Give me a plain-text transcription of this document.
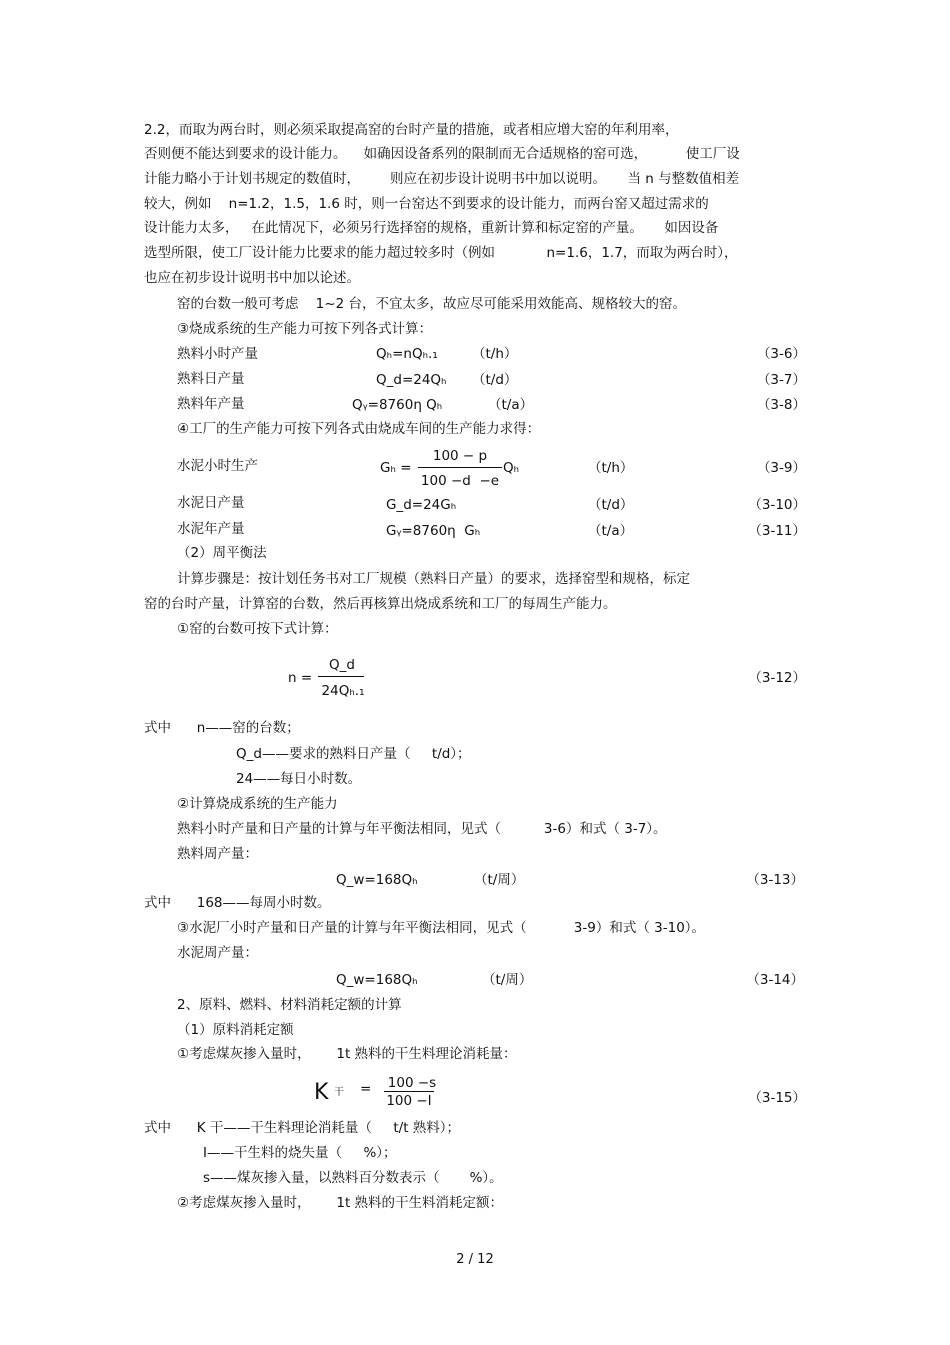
2.2，而取为两台时，则必须采取提高窑的台时产量的措施，或者相应增大窑的年利用率，
否则便不能达到要求的设计能力。    如确因设备系列的限制而无合适规格的窑可选，         使工厂设
计能力略小于计划书规定的数值时，       则应在初步设计说明书中加以说明。     当 n 与整数值相差
较大，例如    n=1.2，1.5，1.6 时，则一台窑达不到要求的设计能力，而两台窑又超过需求的
设计能力太多，   在此情况下，必须另行选择窑的规格，重新计算和标定窑的产量。     如因设备
选型所限，使工厂设计能力比要求的能力超过较多时（例如            n=1.6，1.7，而取为两台时），
也应在初步设计说明书中加以论述。
窑的台数一般可考虑    1~2 台，不宜太多，故应尽可能采用效能高、规格较大的窑。
③烧成系统的生产能力可按下列各式计算：
熟料小时产量	Qₕ=nQₕ.₁	（t/h）	（3-6）
熟料日产量	Q_d=24Qₕ （t/d）	（3-7）
熟料年产量	Qᵧ=8760η Qₕ	（t/a）	（3-8）
④工厂的生产能力可按下列各式由烧成车间的生产能力求得：
水泥小时生产	Gₕ =
100 − p
100 −d  −e
Qₕ	（t/h）	（3-9）
水泥日产量	G_d=24Gₕ	（t/d）	（3-10）
水泥年产量	Gᵧ=8760η  Gₕ	（t/a）	（3-11）
（2）周平衡法
计算步骤是：按计划任务书对工厂规模（熟料日产量）的要求，选择窑型和规格，标定
窑的台时产量，计算窑的台数，然后再核算出烧成系统和工厂的每周生产能力。
①窑的台数可按下式计算：
n =
Q_d
24Qₕ.₁
（3-12）
式中      n——窑的台数；
Q_d——要求的熟料日产量（     t/d）；
24——每日小时数。
②计算烧成系统的生产能力
熟料小时产量和日产量的计算与年平衡法相同，见式（          3-6）和式（ 3-7）。
熟料周产量：
Q_w=168Qₕ	（t/周）	（3-13）
式中      168——每周小时数。
③水泥厂小时产量和日产量的计算与年平衡法相同，见式（           3-9）和式（ 3-10）。
水泥周产量：
Q_w=168Qₕ	（t/周）	（3-14）
2、原料、燃料、材料消耗定额的计算
（1）原料消耗定额
①考虑煤灰掺入量时，      1t 熟料的干生料理论消耗量：
K 干 =	100 −s
100 −I	（3-15）
式中      K 干——干生料理论消耗量（     t/t 熟料）；
I——干生料的烧失量（     %）；
s——煤灰掺入量，以熟料百分数表示（       %）。
②考虑煤灰掺入量时，      1t 熟料的干生料消耗定额：
2 / 12
